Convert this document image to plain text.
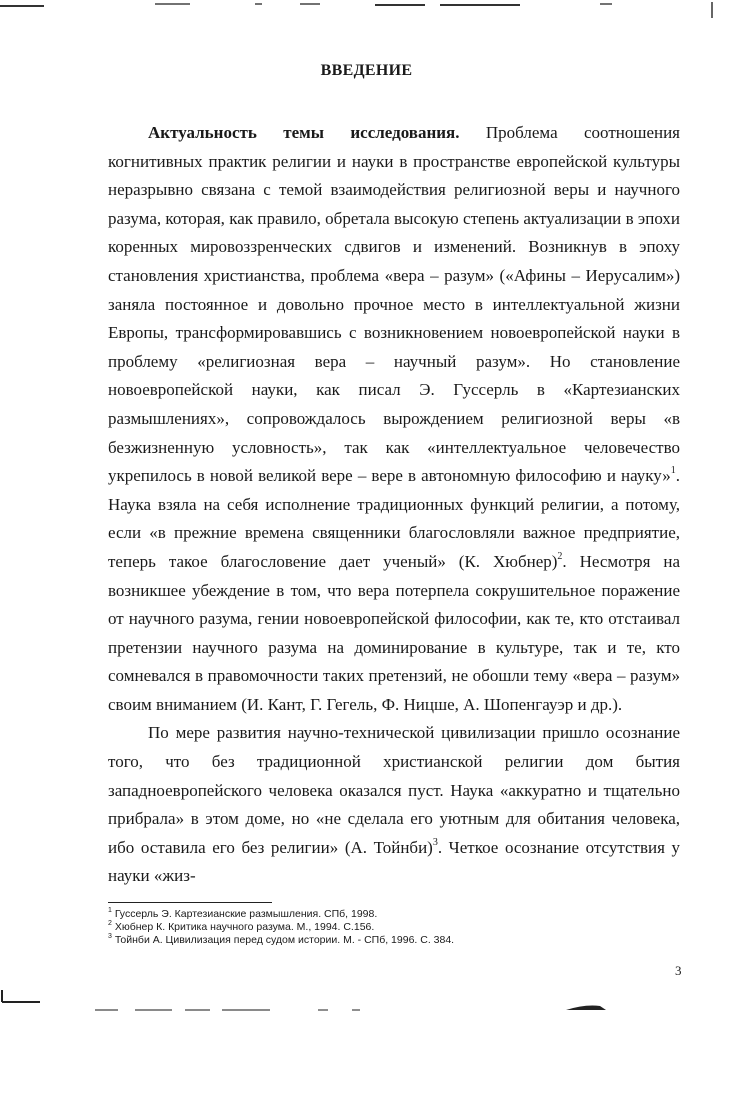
ВВЕДЕНИЕ

Актуальность темы исследования. Проблема соотношения когнитивных практик религии и науки в пространстве европейской культуры неразрывно связана с темой взаимодействия религиозной веры и научного разума, которая, как правило, обретала высокую степень актуализации в эпохи коренных мировоззренческих сдвигов и изменений. Возникнув в эпоху становления христианства, проблема «вера – разум» («Афины – Иерусалим») заняла постоянное и довольно прочное место в интеллектуальной жизни Европы, трансформировавшись с возникновением новоевропейской науки в проблему «религиозная вера – научный разум». Но становление новоевропейской науки, как писал Э. Гуссерль в «Картезианских размышлениях», сопровождалось вырождением религиозной веры «в безжизненную условность», так как «интеллектуальное человечество укрепилось в новой великой вере – вере в автономную философию и науку»$^1$. Наука взяла на себя исполнение традиционных функций религии, а потому, если «в прежние времена священники благословляли важное предприятие, теперь такое благословение дает ученый» (К. Хюбнер)$^2$. Несмотря на возникшее убеждение в том, что вера потерпела сокрушительное поражение от научного разума, гении новоевропейской философии, как те, кто отстаивал претензии научного разума на доминирование в культуре, так и те, кто сомневался в правомочности таких претензий, не обошли тему «вера – разум» своим вниманием (И. Кант, Г. Гегель, Ф. Ницше, А. Шопенгауэр и др.).

По мере развития научно-технической цивилизации пришло осознание того, что без традиционной христианской религии дом бытия западноевропейского человека оказался пуст. Наука «аккуратно и тщательно прибрала» в этом доме, но «не сделала его уютным для обитания человека, ибо оставила его без религии» (А. Тойнби)$^3$. Четкое осознание отсутствия у науки «жиз-

$^1$ Гуссерль Э. Картезианские размышления. СПб, 1998.
$^2$ Хюбнер К. Критика научного разума. М., 1994. С.156.
$^3$ Тойнби А. Цивилизация перед судом истории. М. - СПб, 1996. С. 384.
3
